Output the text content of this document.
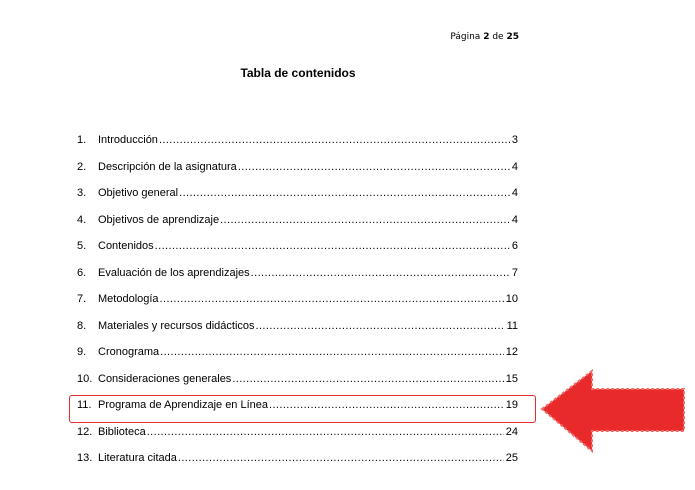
Página 2 de 25
Tabla de contenidos
1.	Introducción .....	3
2.	Descripción de la asignatura .....	4
3.	Objetivo general .....	4
4.	Objetivos de aprendizaje .....	4
5.	Contenidos .....	6
6.	Evaluación de los aprendizajes .....	7
7.	Metodología .....	10
8.	Materiales y recursos didácticos .....	11
9.	Cronograma .....	12
10. Consideraciones generales .....	15
11. Programa de Aprendizaje en Línea .....	19
12. Biblioteca .....	24
13. Literatura citada .....	25
